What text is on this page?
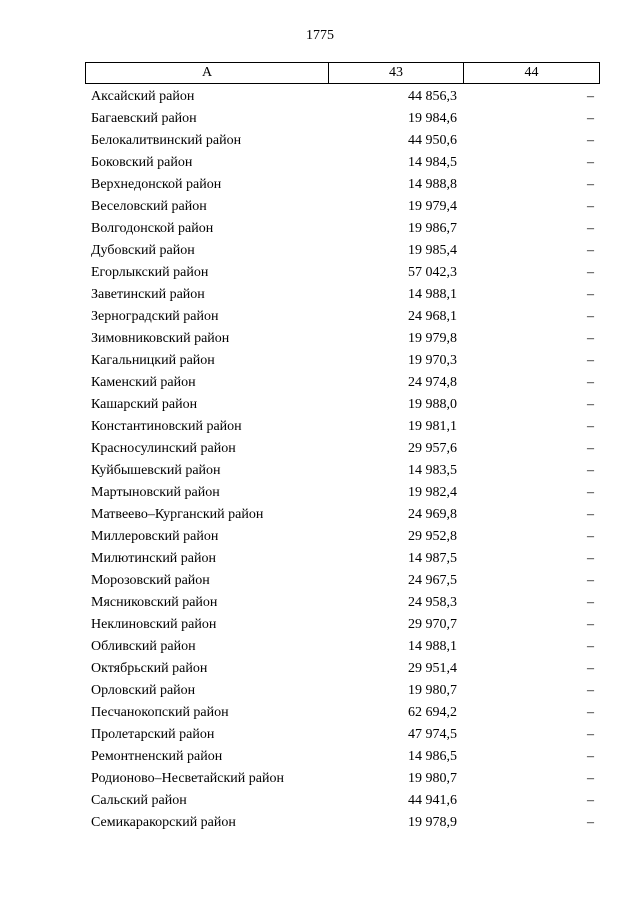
1775
А	43	44
Аксайский район	44 856,3	–
Багаевский район	19 984,6	–
Белокалитвинский район	44 950,6	–
Боковский район	14 984,5	–
Верхнедонской район	14 988,8	–
Веселовский район	19 979,4	–
Волгодонской район	19 986,7	–
Дубовский район	19 985,4	–
Егорлыкский район	57 042,3	–
Заветинский район	14 988,1	–
Зерноградский район	24 968,1	–
Зимовниковский район	19 979,8	–
Кагальницкий район	19 970,3	–
Каменский район	24 974,8	–
Кашарский район	19 988,0	–
Константиновский район	19 981,1	–
Красносулинский район	29 957,6	–
Куйбышевский район	14 983,5	–
Мартыновский район	19 982,4	–
Матвеево–Курганский район	24 969,8	–
Миллеровский район	29 952,8	–
Милютинский район	14 987,5	–
Морозовский район	24 967,5	–
Мясниковский район	24 958,3	–
Неклиновский район	29 970,7	–
Обливский район	14 988,1	–
Октябрьский район	29 951,4	–
Орловский район	19 980,7	–
Песчанокопский район	62 694,2	–
Пролетарский район	47 974,5	–
Ремонтненский район	14 986,5	–
Родионово–Несветайский район	19 980,7	–
Сальский район	44 941,6	–
Семикаракорский район	19 978,9	–
